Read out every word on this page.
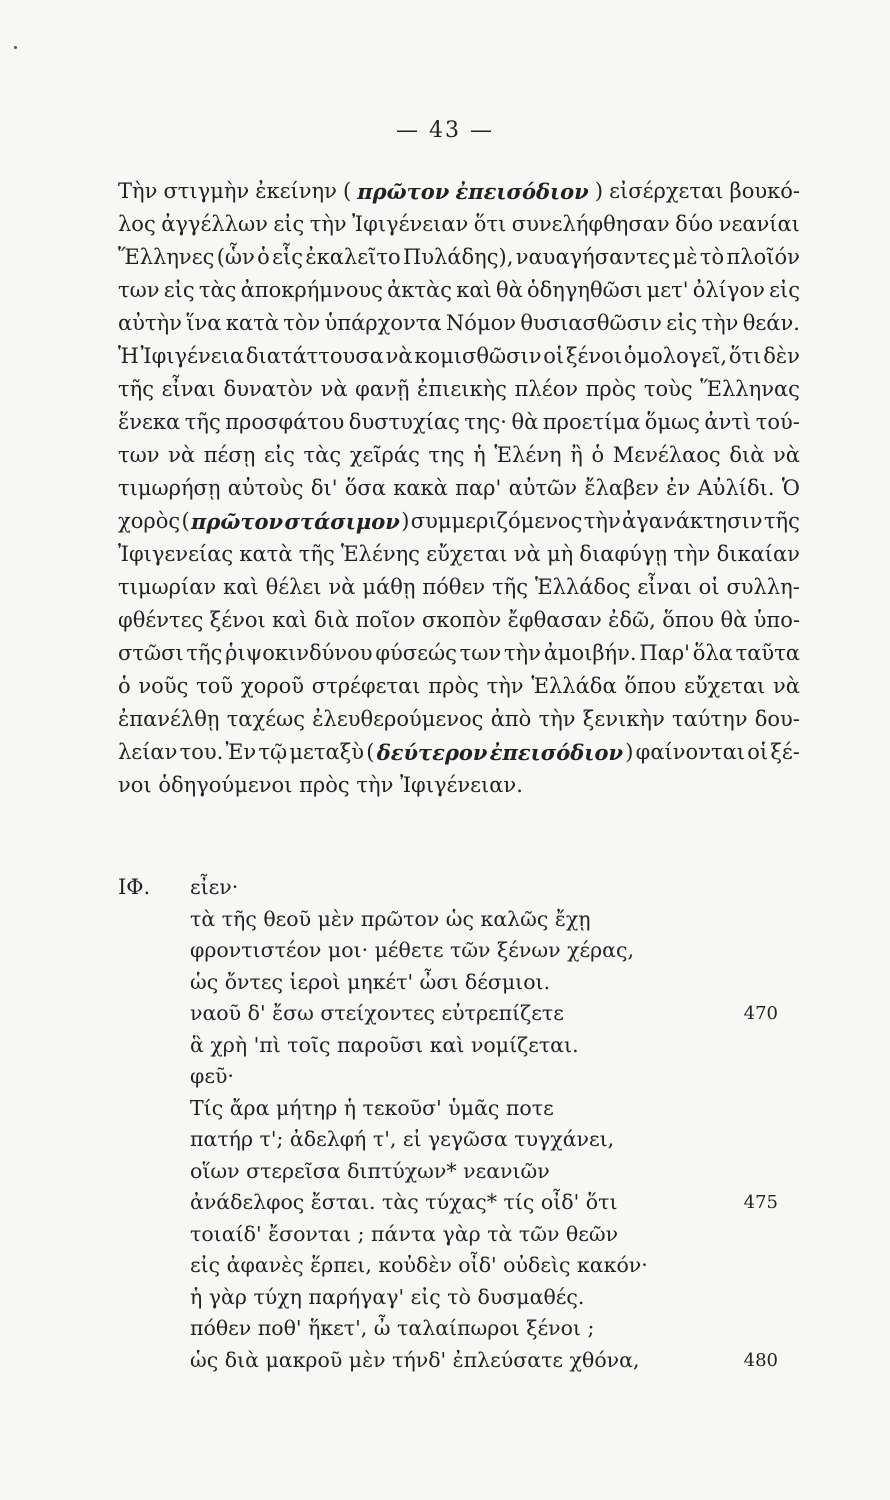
— 43 —
Τὴν στιγμὴν ἐκείνην ( πρῶτον ἐπεισόδιον ) εἰσέρχεται βουκό-
λος ἀγγέλλων εἰς τὴν Ἰφιγένειαν ὅτι συνελήφθησαν δύο νεανίαι
Ἕλληνες (ὧν ὁ εἷς ἐκαλεῖτο Πυλάδης), ναυαγήσαντες μὲ τὸ πλοῖόν
των εἰς τὰς ἀποκρήμνους ἀκτὰς καὶ θὰ ὁδηγηθῶσι μετ' ὀλίγον εἰς
αὐτὴν ἵνα κατὰ τὸν ὑπάρχοντα Νόμον θυσιασθῶσιν εἰς τὴν θεάν.
Ἡ Ἰφιγένεια διατάττουσα νὰ κομισθῶσιν οἱ ξένοι ὁμολογεῖ, ὅτι δὲν
τῆς εἶναι δυνατὸν νὰ φανῇ ἐπιεικὴς πλέον πρὸς τοὺς Ἕλληνας
ἕνεκα τῆς προσφάτου δυστυχίας της· θὰ προετίμα ὅμως ἀντὶ τού-
των νὰ πέσῃ εἰς τὰς χεῖράς της ἡ Ἑλένη ἢ ὁ Μενέλαος διὰ νὰ
τιμωρήσῃ αὐτοὺς δι' ὅσα κακὰ παρ' αὐτῶν ἔλαβεν ἐν Αὐλίδι. Ὁ
χορὸς ( πρῶτον στάσιμον ) συμμεριζόμενος τὴν ἀγανάκτησιν τῆς
Ἰφιγενείας κατὰ τῆς Ἑλένης εὔχεται νὰ μὴ διαφύγῃ τὴν δικαίαν
τιμωρίαν καὶ θέλει νὰ μάθῃ πόθεν τῆς Ἑλλάδος εἶναι οἱ συλλη-
φθέντες ξένοι καὶ διὰ ποῖον σκοπὸν ἔφθασαν ἐδῶ, ὅπου θὰ ὑπο-
στῶσι τῆς ῥιψοκινδύνου φύσεώς των τὴν ἀμοιβήν. Παρ' ὅλα ταῦτα
ὁ νοῦς τοῦ χοροῦ στρέφεται πρὸς τὴν Ἑλλάδα ὅπου εὔχεται νὰ
ἐπανέλθῃ ταχέως ἐλευθερούμενος ἀπὸ τὴν ξενικὴν ταύτην δου-
λείαν του. Ἐν τῷ μεταξὺ ( δεύτερον ἐπεισόδιον ) φαίνονται οἱ ξέ-
νοι ὁδηγούμενοι πρὸς τὴν Ἰφιγένειαν.
ΙΦ. εἶεν·
τὰ τῆς θεοῦ μὲν πρῶτον ὡς καλῶς ἔχῃ
φροντιστέον μοι· μέθετε τῶν ξένων χέρας,
ὡς ὄντες ἱεροὶ μηκέτ' ὦσι δέσμιοι.
ναοῦ δ' ἔσω στείχοντες εὐτρεπίζετε	470
ἃ χρὴ 'πὶ τοῖς παροῦσι καὶ νομίζεται.
φεῦ·
Τίς ἄρα μήτηρ ἡ τεκοῦσ' ὑμᾶς ποτε
πατήρ τ'; ἀδελφή τ', εἰ γεγῶσα τυγχάνει,
οἵων στερεῖσα διπτύχων* νεανιῶν
ἀνάδελφος ἔσται. τὰς τύχας* τίς οἶδ' ὅτι	475
τοιαίδ' ἔσονται ; πάντα γὰρ τὰ τῶν θεῶν
εἰς ἀφανὲς ἕρπει, κοὐδὲν οἶδ' οὐδεὶς κακόν·
ἡ γὰρ τύχη παρήγαγ' εἰς τὸ δυσμαθές.
πόθεν ποθ' ἥκετ', ὦ ταλαίπωροι ξένοι ;
ὡς διὰ μακροῦ μὲν τήνδ' ἐπλεύσατε χθόνα,	480
